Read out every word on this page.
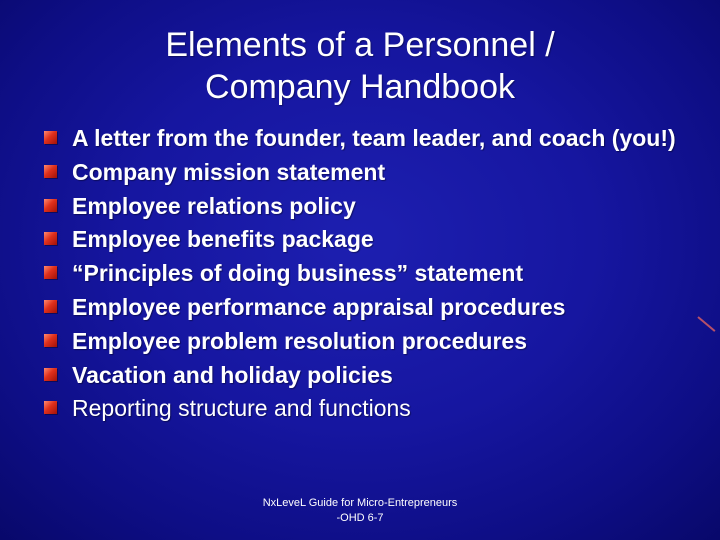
Elements of a Personnel /
Company Handbook
A letter from the founder, team leader, and coach (you!)
Company mission statement
Employee relations policy
Employee benefits package
“Principles of doing business” statement
Employee performance appraisal procedures
Employee problem resolution procedures
Vacation and holiday policies
Reporting structure and functions
NxLeveL Guide for Micro-Entrepreneurs
-OHD 6-7
